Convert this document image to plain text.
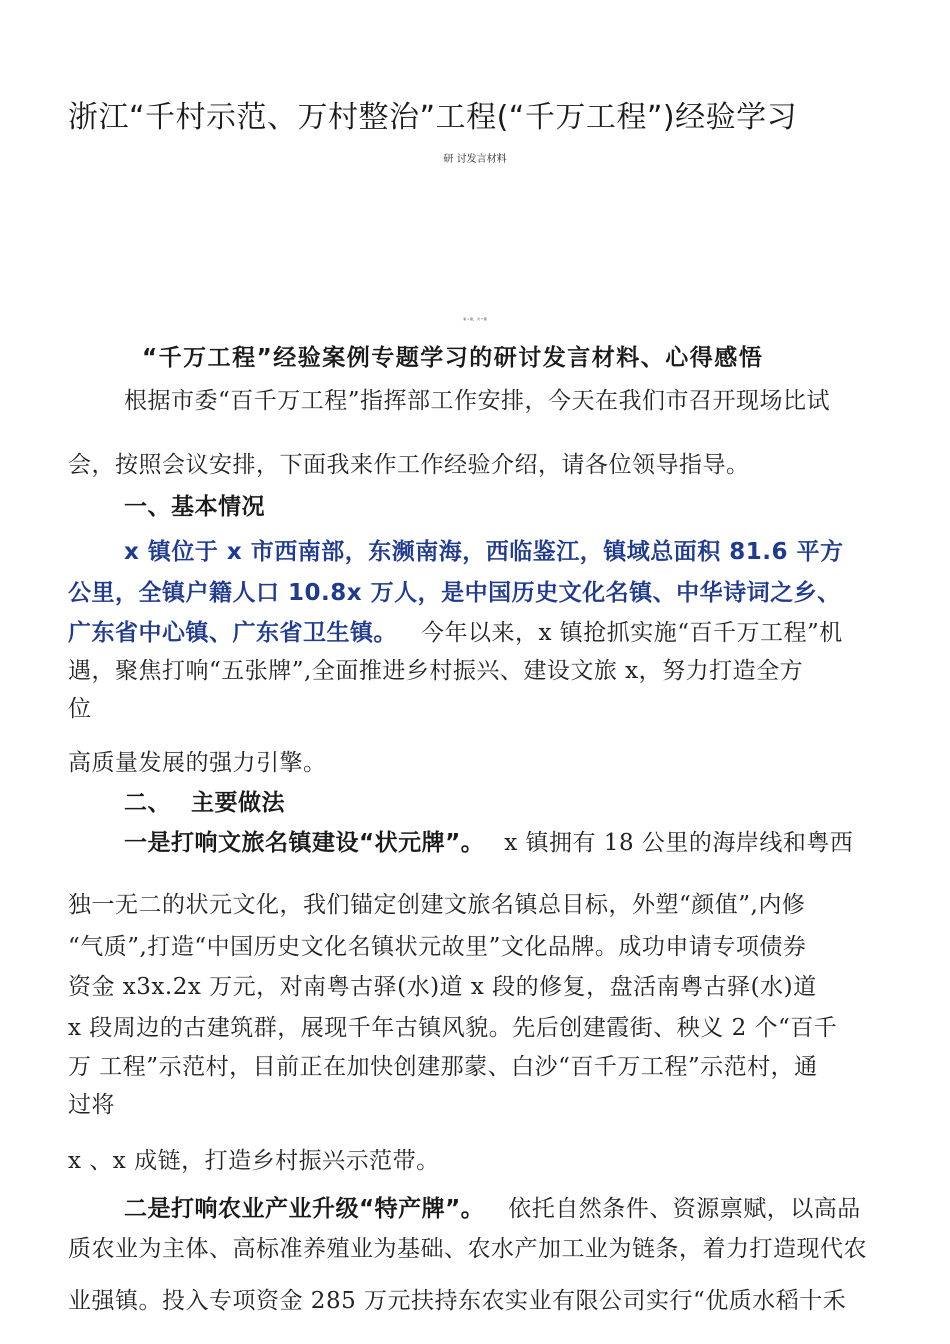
浙江“千村示范、万村整治”工程(“千万工程”)经验学习
研 讨发言材料
第 1 篇， 共 7 篇
“千万工程”经验案例专题学习的研讨发言材料、心得感悟
根据市委“百千万工程”指挥部工作安排，今天在我们市召开现场比试
会，按照会议安排，下面我来作工作经验介绍，请各位领导指导。
一、基本情况
x 镇位于 x 市西南部，东濒南海，西临鉴江，镇域总面积 81.6 平方
公里，全镇户籍人口 10.8x 万人，是中国历史文化名镇、中华诗词之乡、
广东省中心镇、广东省卫生镇。 今年以来，x 镇抢抓实施“百千万工程”机
遇，聚焦打响“五张牌”,全面推进乡村振兴、建设文旅 x，努力打造全方
位
高质量发展的强力引擎。
二、 主要做法
一是打响文旅名镇建设“状元牌”。 x 镇拥有 18 公里的海岸线和粤西
独一无二的状元文化，我们锚定创建文旅名镇总目标，外塑“颜值”,内修
“气质”,打造“中国历史文化名镇状元故里”文化品牌。成功申请专项债券
资金 x3x.2x 万元，对南粤古驿(水)道 x 段的修复，盘活南粤古驿(水)道
x 段周边的古建筑群，展现千年古镇风貌。先后创建霞街、秧义 2 个“百千
万 工程”示范村，目前正在加快创建那蒙、白沙“百千万工程”示范村，通
过将
x 、x 成链，打造乡村振兴示范带。
二是打响农业产业升级“特产牌”。 依托自然条件、资源禀赋，以高品
质农业为主体、高标准养殖业为基础、农水产加工业为链条，着力打造现代农
业强镇。投入专项资金 285 万元扶持东农实业有限公司实行“优质水稻十禾
